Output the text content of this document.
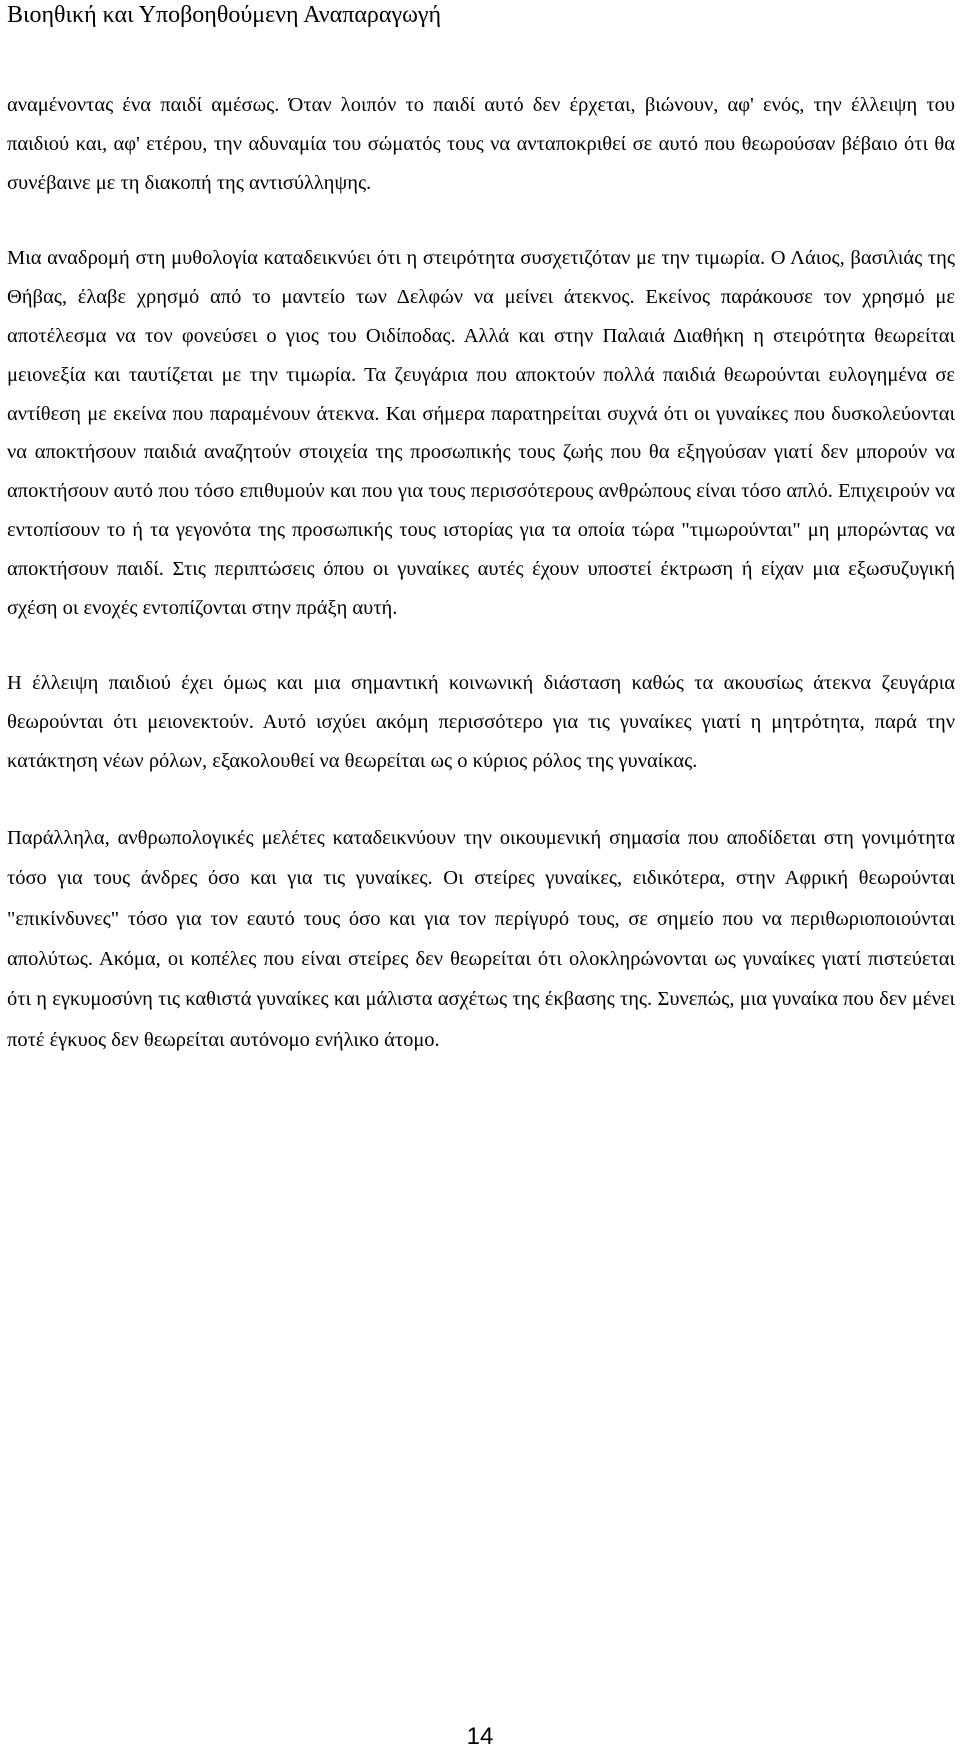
Βιοηθική και Υποβοηθούμενη Αναπαραγωγή

αναμένοντας ένα παιδί αμέσως. Όταν λοιπόν το παιδί αυτό δεν έρχεται, βιώνουν, αφ' ενός, την έλλειψη του παιδιού και, αφ' ετέρου, την αδυναμία του σώματός τους να ανταποκριθεί σε αυτό που θεωρούσαν βέβαιο ότι θα συνέβαινε με τη διακοπή της αντισύλληψης.

Μια αναδρομή στη μυθολογία καταδεικνύει ότι η στειρότητα συσχετιζόταν με την τιμωρία. Ο Λάιος, βασιλιάς της Θήβας, έλαβε χρησμό από το μαντείο των Δελφών να μείνει άτεκνος. Εκείνος παράκουσε τον χρησμό με αποτέλεσμα να τον φονεύσει ο γιος του Οιδίποδας. Αλλά και στην Παλαιά Διαθήκη η στειρότητα θεωρείται μειονεξία και ταυτίζεται με την τιμωρία. Τα ζευγάρια που αποκτούν πολλά παιδιά θεωρούνται ευλογημένα σε αντίθεση με εκείνα που παραμένουν άτεκνα. Και σήμερα παρατηρείται συχνά ότι οι γυναίκες που δυσκολεύονται να αποκτήσουν παιδιά αναζητούν στοιχεία της προσωπικής τους ζωής που θα εξηγούσαν γιατί δεν μπορούν να αποκτήσουν αυτό που τόσο επιθυμούν και που για τους περισσότερους ανθρώπους είναι τόσο απλό. Επιχειρούν να εντοπίσουν το ή τα γεγονότα της προσωπικής τους ιστορίας για τα οποία τώρα "τιμωρούνται" μη μπορώντας να αποκτήσουν παιδί. Στις περιπτώσεις όπου οι γυναίκες αυτές έχουν υποστεί έκτρωση ή είχαν μια εξωσυζυγική σχέση οι ενοχές εντοπίζονται στην πράξη αυτή.

Η έλλειψη παιδιού έχει όμως και μια σημαντική κοινωνική διάσταση καθώς τα ακουσίως άτεκνα ζευγάρια θεωρούνται ότι μειονεκτούν. Αυτό ισχύει ακόμη περισσότερο για τις γυναίκες γιατί η μητρότητα, παρά την κατάκτηση νέων ρόλων, εξακολουθεί να θεωρείται ως ο κύριος ρόλος της γυναίκας.

Παράλληλα, ανθρωπολογικές μελέτες καταδεικνύουν την οικουμενική σημασία που αποδίδεται στη γονιμότητα τόσο για τους άνδρες όσο και για τις γυναίκες. Οι στείρες γυναίκες, ειδικότερα, στην Αφρική θεωρούνται "επικίνδυνες" τόσο για τον εαυτό τους όσο και για τον περίγυρό τους, σε σημείο που να περιθωριοποιούνται απολύτως. Ακόμα, οι κοπέλες που είναι στείρες δεν θεωρείται ότι ολοκληρώνονται ως γυναίκες γιατί πιστεύεται ότι η εγκυμοσύνη τις καθιστά γυναίκες και μάλιστα ασχέτως της έκβασης της. Συνεπώς, μια γυναίκα που δεν μένει ποτέ έγκυος δεν θεωρείται αυτόνομο ενήλικο άτομο.

14
